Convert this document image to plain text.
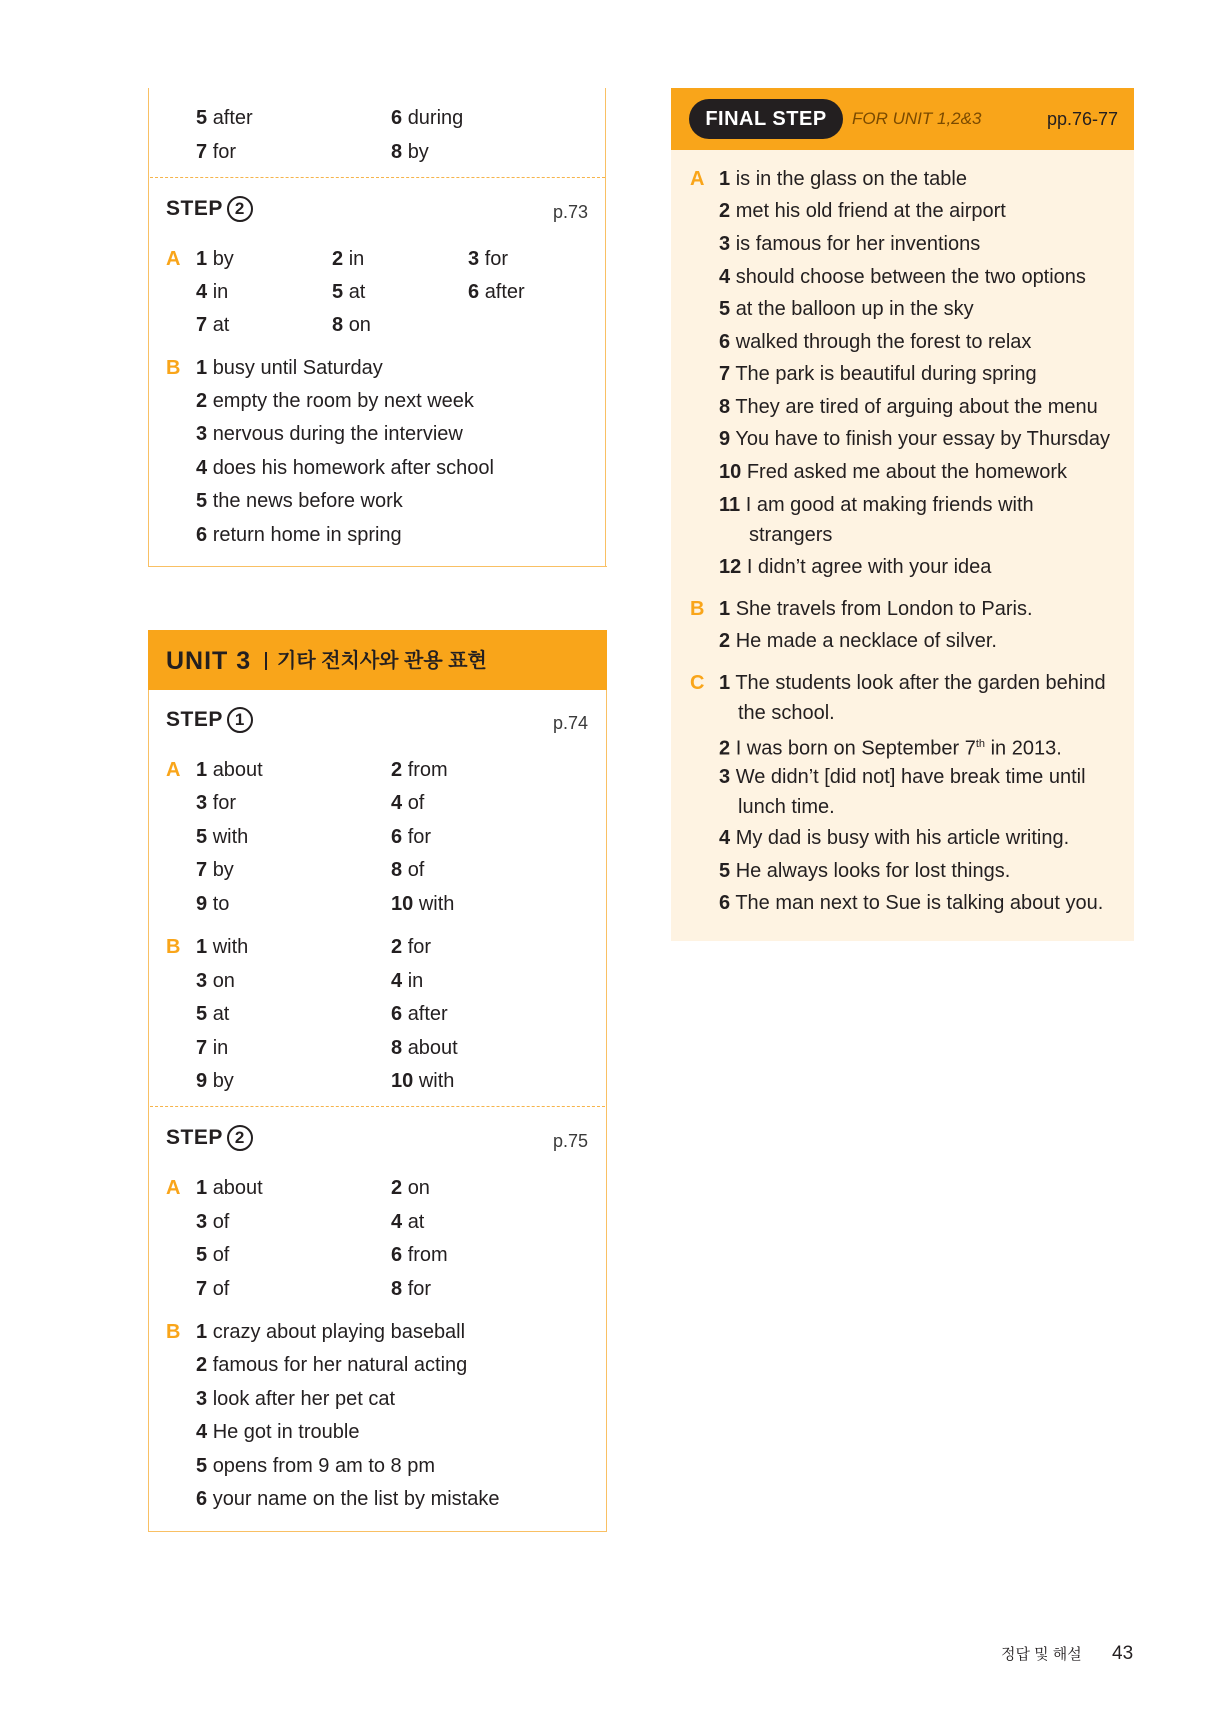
5 after	6 during
7 for	8 by
STEP 2	p.73
A 1 by	2 in	3 for
4 in	5 at	6 after
7 at	8 on
B 1 busy until Saturday
2 empty the room by next week
3 nervous during the interview
4 does his homework after school
5 the news before work
6 return home in spring
UNIT 3 기타 전치사와 관용 표현
STEP 1	p.74
A 1 about	2 from
3 for	4 of
5 with	6 for
7 by	8 of
9 to	10 with
B 1 with	2 for
3 on	4 in
5 at	6 after
7 in	8 about
9 by	10 with
STEP 2	p.75
A 1 about	2 on
3 of	4 at
5 of	6 from
7 of	8 for
B 1 crazy about playing baseball
2 famous for her natural acting
3 look after her pet cat
4 He got in trouble
5 opens from 9 am to 8 pm
6 your name on the list by mistake
FINAL STEP	FOR UNIT 1,2&3	pp.76-77
A 1 is in the glass on the table
2 met his old friend at the airport
3 is famous for her inventions
4 should choose between the two options
5 at the balloon up in the sky
6 walked through the forest to relax
7 The park is beautiful during spring
8 They are tired of arguing about the menu
9 You have to finish your essay by Thursday
10 Fred asked me about the homework
11 I am good at making friends with
strangers
12 I didn’t agree with your idea
B 1 She travels from London to Paris.
2 He made a necklace of silver.
C 1 The students look after the garden behind
the school.
2 I was born on September 7th in 2013.
3 We didn’t [did not] have break time until
lunch time.
4 My dad is busy with his article writing.
5 He always looks for lost things.
6 The man next to Sue is talking about you.
정답 및 해설 43
